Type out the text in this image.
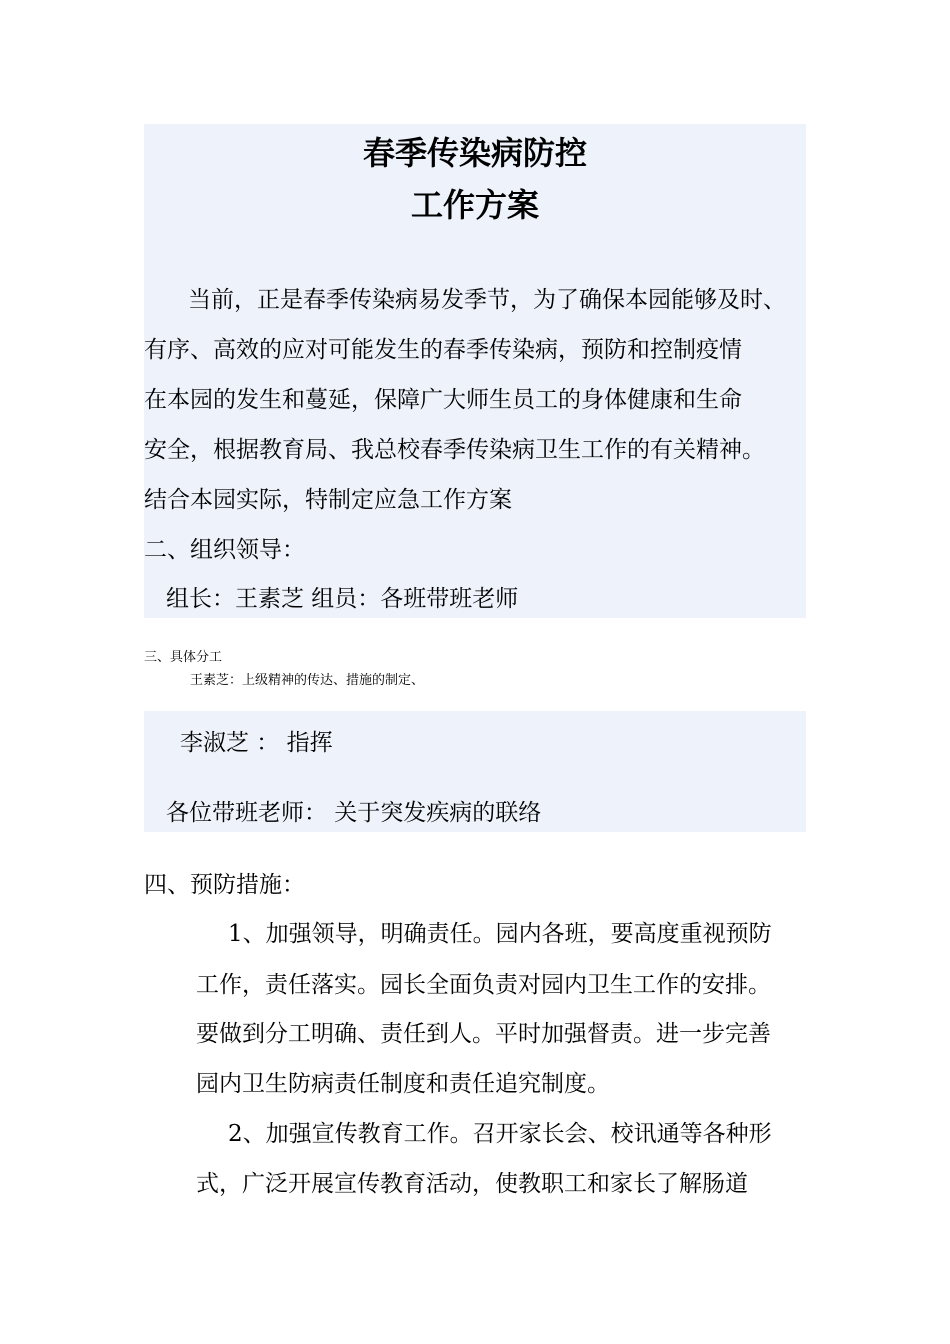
春季传染病防控
工作方案
当前，正是春季传染病易发季节，为了确保本园能够及时、
有序、高效的应对可能发生的春季传染病，预防和控制疫情
在本园的发生和蔓延，保障广大师生员工的身体健康和生命
安全，根据教育局、我总校春季传染病卫生工作的有关精神。
结合本园实际，特制定应急工作方案
二、组织领导：
组长：王素芝 组员：各班带班老师
三、具体分工
王素芝：上级精神的传达、措施的制定、
李淑芝 ： 指挥
各位带班老师： 关于突发疾病的联络
四、预防措施：
1、加强领导，明确责任。园内各班，要高度重视预防
工作，责任落实。园长全面负责对园内卫生工作的安排。
要做到分工明确、责任到人。平时加强督责。进一步完善
园内卫生防病责任制度和责任追究制度。
2、加强宣传教育工作。召开家长会、校讯通等各种形
式，广泛开展宣传教育活动，使教职工和家长了解肠道
